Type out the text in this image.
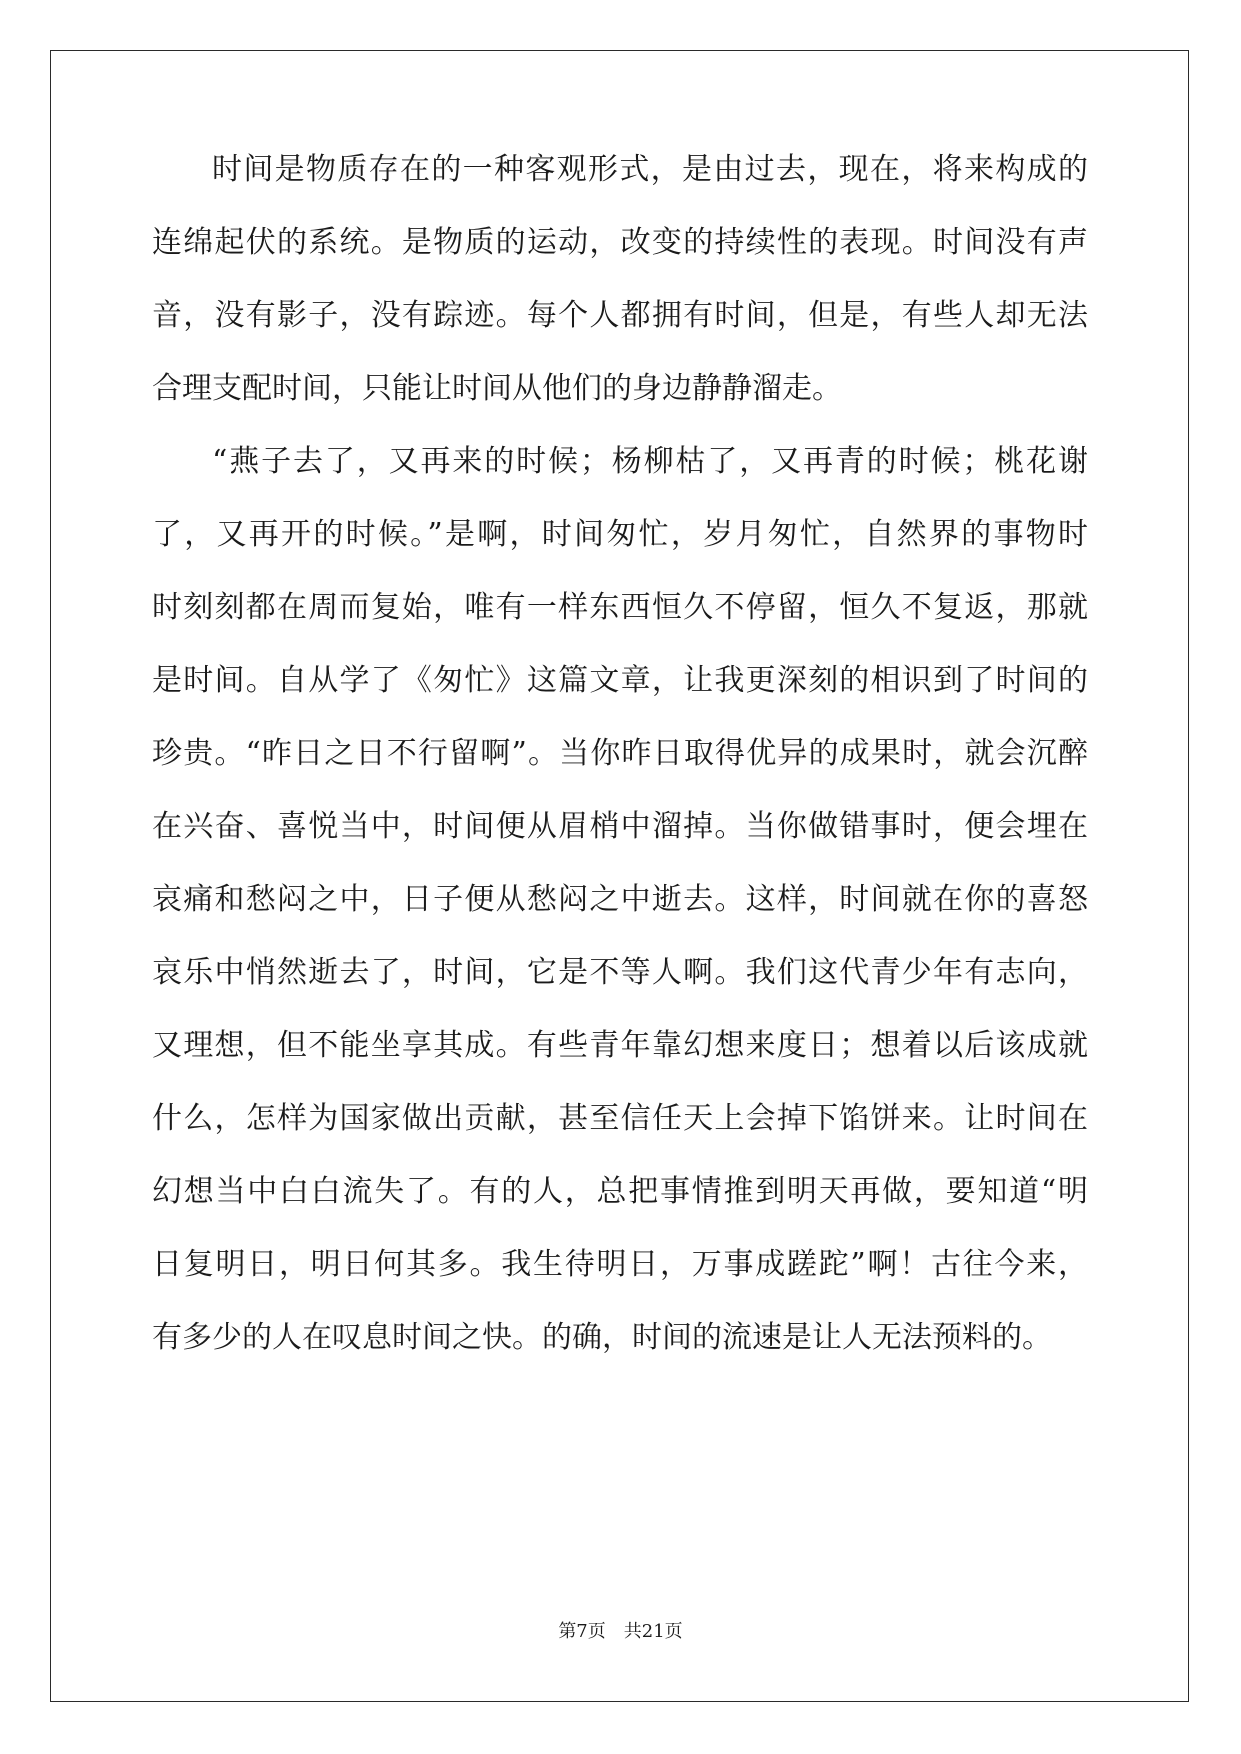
时间是物质存在的一种客观形式，是由过去，现在，将来构成的
连绵起伏的系统。是物质的运动，改变的持续性的表现。时间没有声
音，没有影子，没有踪迹。每个人都拥有时间，但是，有些人却无法
合理支配时间，只能让时间从他们的身边静静溜走。
“燕子去了，又再来的时候；杨柳枯了，又再青的时候；桃花谢
了，又再开的时候。”是啊，时间匆忙，岁月匆忙，自然界的事物时
时刻刻都在周而复始，唯有一样东西恒久不停留，恒久不复返，那就
是时间。自从学了《匆忙》这篇文章，让我更深刻的相识到了时间的
珍贵。“昨日之日不行留啊”。当你昨日取得优异的成果时，就会沉醉
在兴奋、喜悦当中，时间便从眉梢中溜掉。当你做错事时，便会埋在
哀痛和愁闷之中，日子便从愁闷之中逝去。这样，时间就在你的喜怒
哀乐中悄然逝去了，时间，它是不等人啊。我们这代青少年有志向，
又理想，但不能坐享其成。有些青年靠幻想来度日；想着以后该成就
什么，怎样为国家做出贡献，甚至信任天上会掉下馅饼来。让时间在
幻想当中白白流失了。有的人，总把事情推到明天再做，要知道“明
日复明日，明日何其多。我生待明日，万事成蹉跎”啊！古往今来，
有多少的人在叹息时间之快。的确，时间的流速是让人无法预料的。
第7页 共21页
